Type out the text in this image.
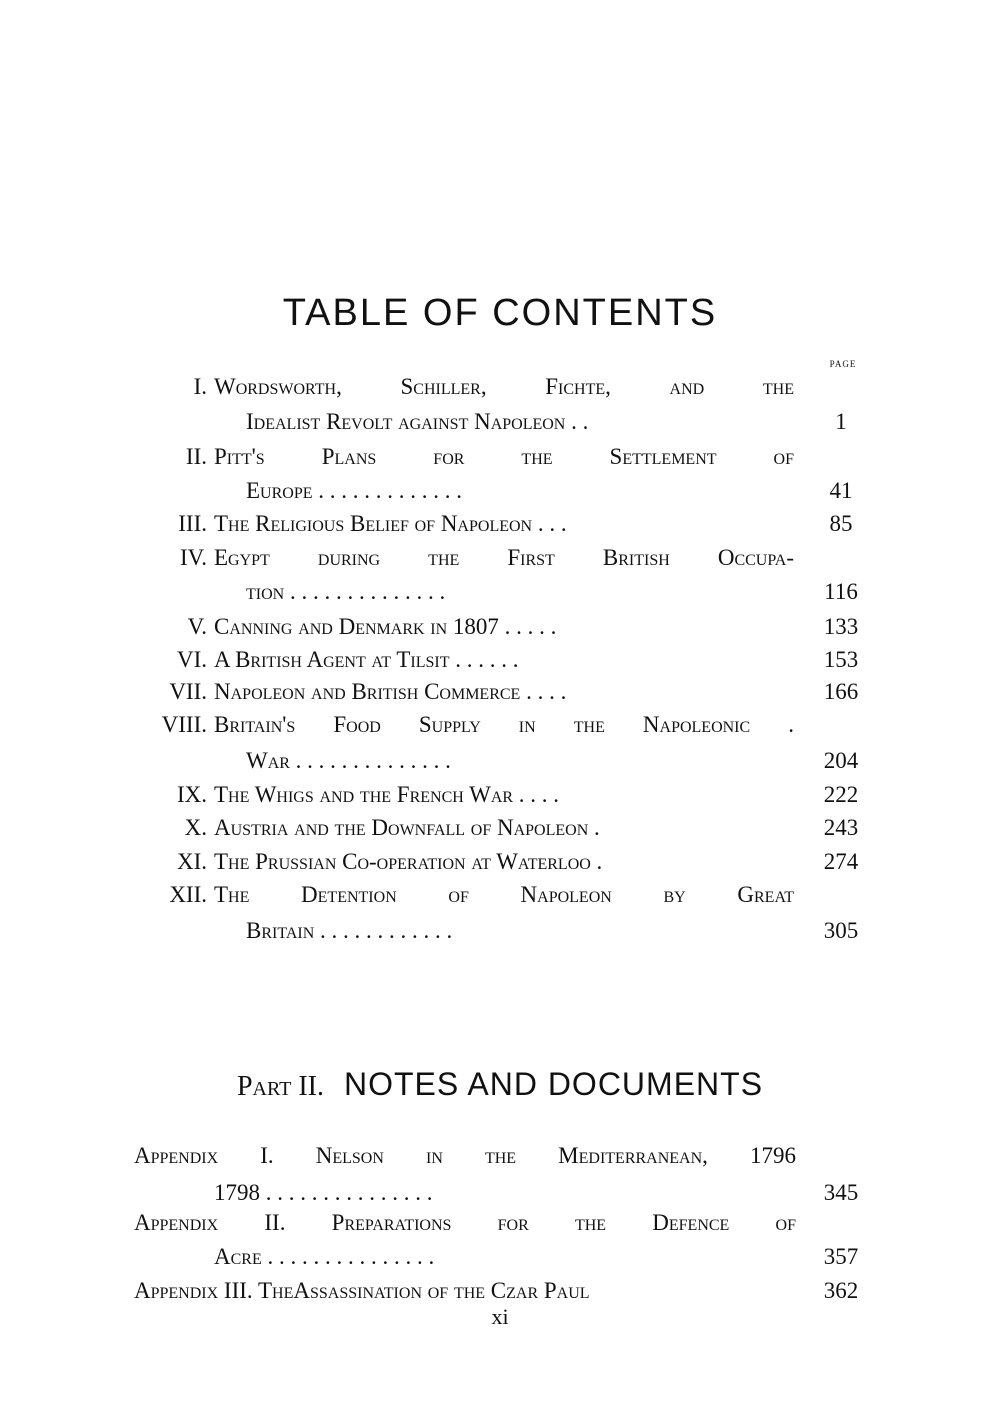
TABLE OF CONTENTS
PAGE
I. Wordsworth, Schiller, Fichte, and the
Idealist Revolt against Napoleon . .	1
II. Pitt's Plans for the Settlement of
Europe . . . . . . . . . . . . .	41
III. The Religious Belief of Napoleon . . .	85
IV. Egypt during the First British Occupa-
tion . . . . . . . . . . . . . .	116
V. Canning and Denmark in 1807 . . . . .	133
VI. A British Agent at Tilsit . . . . . .	153
VII. Napoleon and British Commerce . . . .	166
VIII. Britain's Food Supply in the Napoleonic .
War . . . . . . . . . . . . . .	204
IX. The Whigs and the French War . . . .	222
X. Austria and the Downfall of Napoleon .	243
XI. The Prussian Co-operation at Waterloo .	274
XII. The Detention of Napoleon by Great
Britain . . . . . . . . . . . .	305
Part II. NOTES AND DOCUMENTS
Appendix I. Nelson in the Mediterranean, 1796
1798 . . . . . . . . . . . . . . .	345
Appendix II. Preparations for the Defence of
Acre . . . . . . . . . . . . . . .	357
Appendix III. TheAssassination of the Czar Paul	362
xi
